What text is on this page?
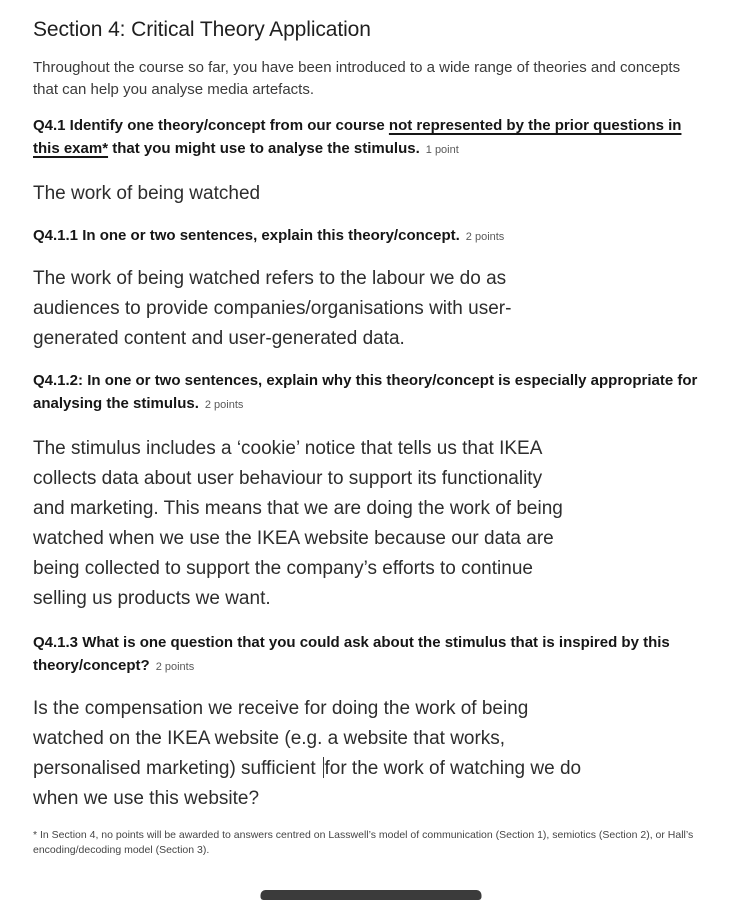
Section 4: Critical Theory Application

Throughout the course so far, you have been introduced to a wide range of theories and concepts that can help you analyse media artefacts.

Q4.1 Identify one theory/concept from our course not represented by the prior questions in this exam* that you might use to analyse the stimulus. 1 point

The work of being watched

Q4.1.1 In one or two sentences, explain this theory/concept. 2 points

The work of being watched refers to the labour we do as
audiences to provide companies/organisations with user-
generated content and user-generated data.

Q4.1.2: In one or two sentences, explain why this theory/concept is especially appropriate for analysing the stimulus. 2 points

The stimulus includes a ‘cookie’ notice that tells us that IKEA
collects data about user behaviour to support its functionality
and marketing. This means that we are doing the work of being
watched when we use the IKEA website because our data are
being collected to support the company’s efforts to continue
selling us products we want.

Q4.1.3 What is one question that you could ask about the stimulus that is inspired by this theory/concept? 2 points

Is the compensation we receive for doing the work of being
watched on the IKEA website (e.g. a website that works,
personalised marketing) sufficient for the work of watching we do
when we use this website?

* In Section 4, no points will be awarded to answers centred on Lasswell’s model of communication (Section 1), semiotics (Section 2), or Hall’s encoding/decoding model (Section 3).
